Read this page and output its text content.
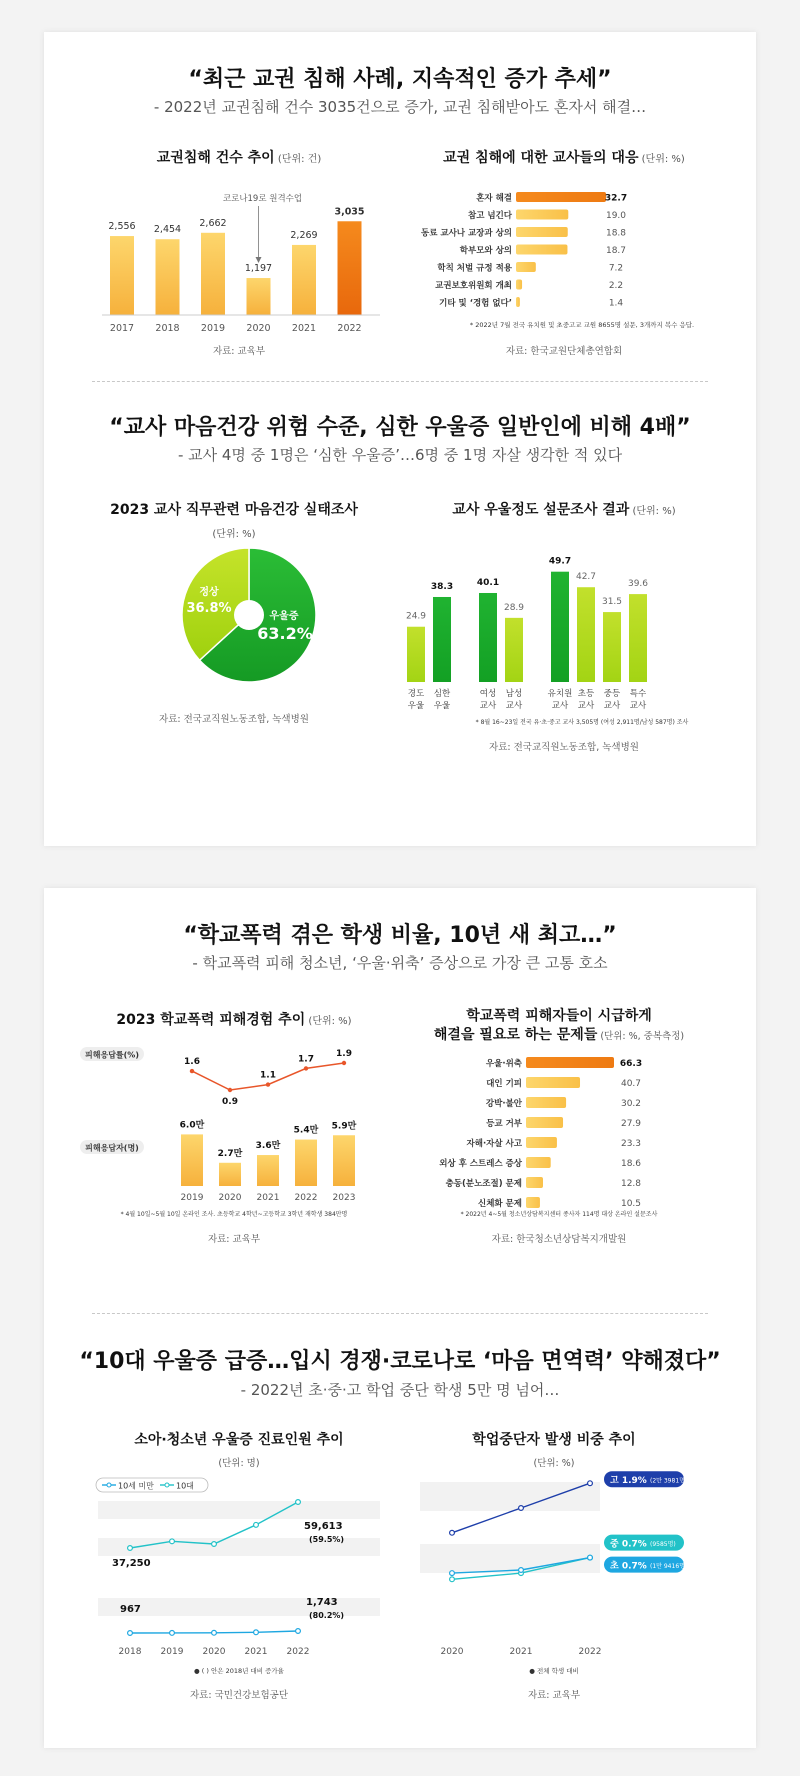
“최근 교권 침해 사례, 지속적인 증가 추세”
- 2022년 교권침해 건수 3035건으로 증가, 교권 침해받아도 혼자서 해결…
교권침해 건수 추이 (단위: 건)
2,556
2017
2,454
2018
2,662
2019
1,197
2020
2,269
2021
3,035
2022
코로나19로 원격수업
자료: 교육부
교권 침해에 대한 교사들의 대응 (단위: %)
혼자 해결	32.7
참고 넘긴다	19.0
동료 교사나 교장과 상의	18.8
학부모와 상의	18.7
학칙 처벌 규정 적용	7.2
교권보호위원회 개최	2.2
기타 및 ‘경험 없다’	1.4
* 2022년 7월 전국 유치원 및 초중고교 교원 8655명 설문, 3개까지 복수 응답.
자료: 한국교원단체총연합회
“교사 마음건강 위험 수준, 심한 우울증 일반인에 비해 4배”
- 교사 4명 중 1명은 ‘심한 우울증’…6명 중 1명 자살 생각한 적 있다
2023 교사 직무관련 마음건강 실태조사
(단위: %)
우울증
63.2%
정상
36.8%
자료: 전국교직원노동조합, 녹색병원
교사 우울정도 설문조사 결과 (단위: %)
24.9
경도
우울
38.3
심한
우울
40.1
여성
교사
28.9
남성
교사
49.7
유치원
교사
42.7
초등
교사
31.5
중등
교사
39.6
특수
교사
* 8월 16~23일 전국 유·초·중고 교사 3,505명 (여성 2,911명/남성 587명) 조사
자료: 전국교직원노동조합, 녹색병원
“학교폭력 겪은 학생 비율, 10년 새 최고…”
- 학교폭력 피해 청소년, ‘우울·위축’ 증상으로 가장 큰 고통 호소
2023 학교폭력 피해경험 추이 (단위: %)
피해응답률(%)
피해응답자(명)
1.6
0.9
1.1
1.7
1.9
6.0만
2019
2.7만
2020
3.6만
2021
5.4만
2022
5.9만
2023
* 4월 10일~5월 10일 온라인 조사. 초등학교 4학년~고등학교 3학년 재학생 384만명
자료: 교육부
학교폭력 피해자들이 시급하게
해결을 필요로 하는 문제들 (단위: %, 중복측정)
우울·위축	66.3
대인 기피	40.7
강박·불안	30.2
등교 거부	27.9
자해·자살 사고	23.3
외상 후 스트레스 증상	18.6
충동(분노조절) 문제	12.8
신체화 문제	10.5
* 2022년 4~5월 청소년상담복지센터 종사자 114명 대상 온라인 설문조사
자료: 한국청소년상담복지개발원
“10대 우울증 급증…입시 경쟁·코로나로 ‘마음 면역력’ 약해졌다”
- 2022년 초·중·고 학업 중단 학생 5만 명 넘어…
소아·청소년 우울증 진료인원 추이
(단위: 명)
10세 미만	10대
37,250
59,613
(59.5%)
967
1,743
(80.2%)
2018 2019 2020 2021 2022
● ( ) 안은 2018년 대비 증가율
자료: 국민건강보험공단
학업중단자 발생 비중 추이
(단위: %)
고 1.9% (2만 3981명)
중 0.7% (9585명)
초 0.7% (1만 9416명)
2020	2021	2022
● 전체 학생 대비
자료: 교육부
